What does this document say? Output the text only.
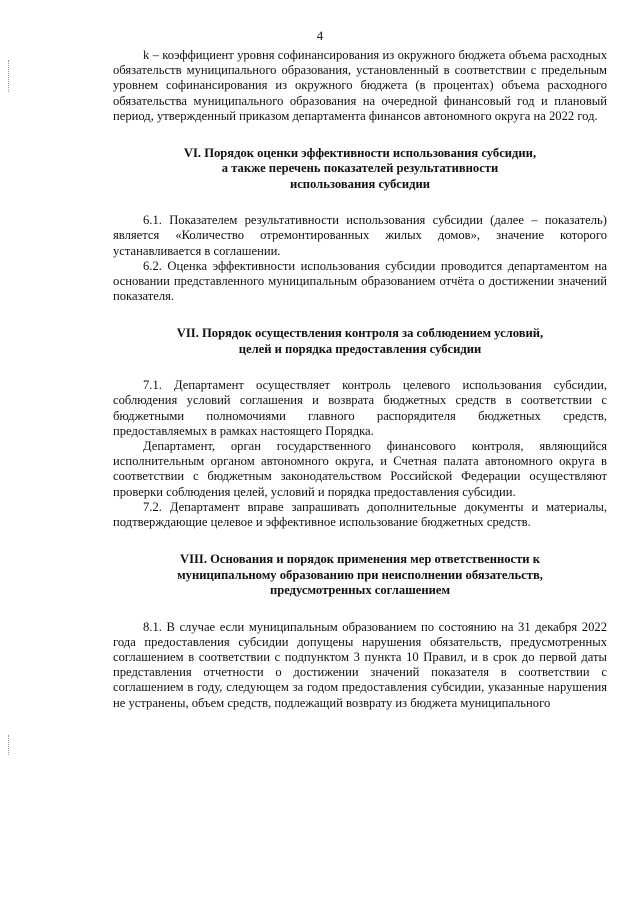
4

k – коэффициент уровня софинансирования из окружного бюджета объема расходных обязательств муниципального образования, установленный в соответствии с предельным уровнем софинансирования из окружного бюджета (в процентах) объема расходного обязательства муниципального образования на очередной финансовый год и плановый период, утвержденный приказом департамента финансов автономного округа на 2022 год.

VI. Порядок оценки эффективности использования субсидии,
а также перечень показателей результативности
использования субсидии

6.1. Показателем результативности использования субсидии (далее – показатель) является «Количество отремонтированных жилых домов», значение которого устанавливается в соглашении.

6.2. Оценка эффективности использования субсидии проводится департаментом на основании представленного муниципальным образованием отчёта о достижении значений показателя.

VII. Порядок осуществления контроля за соблюдением условий,
целей и порядка предоставления субсидии

7.1. Департамент осуществляет контроль целевого использования субсидии, соблюдения условий соглашения и возврата бюджетных средств в соответствии с бюджетными полномочиями главного распорядителя бюджетных средств, предоставляемых в рамках настоящего Порядка.

Департамент, орган государственного финансового контроля, являющийся исполнительным органом автономного округа, и Счетная палата автономного округа в соответствии с бюджетным законодательством Российской Федерации осуществляют проверки соблюдения целей, условий и порядка предоставления субсидии.

7.2. Департамент вправе запрашивать дополнительные документы и материалы, подтверждающие целевое и эффективное использование бюджетных средств.

VIII. Основания и порядок применения мер ответственности к
муниципальному образованию при неисполнении обязательств,
предусмотренных соглашением

8.1. В случае если муниципальным образованием по состоянию на 31 декабря 2022 года предоставления субсидии допущены нарушения обязательств, предусмотренных соглашением в соответствии с подпунктом 3 пункта 10 Правил, и в срок до первой даты представления отчетности о достижении значений показателя в соответствии с соглашением в году, следующем за годом предоставления субсидии, указанные нарушения не устранены, объем средств, подлежащий возврату из бюджета муниципального
